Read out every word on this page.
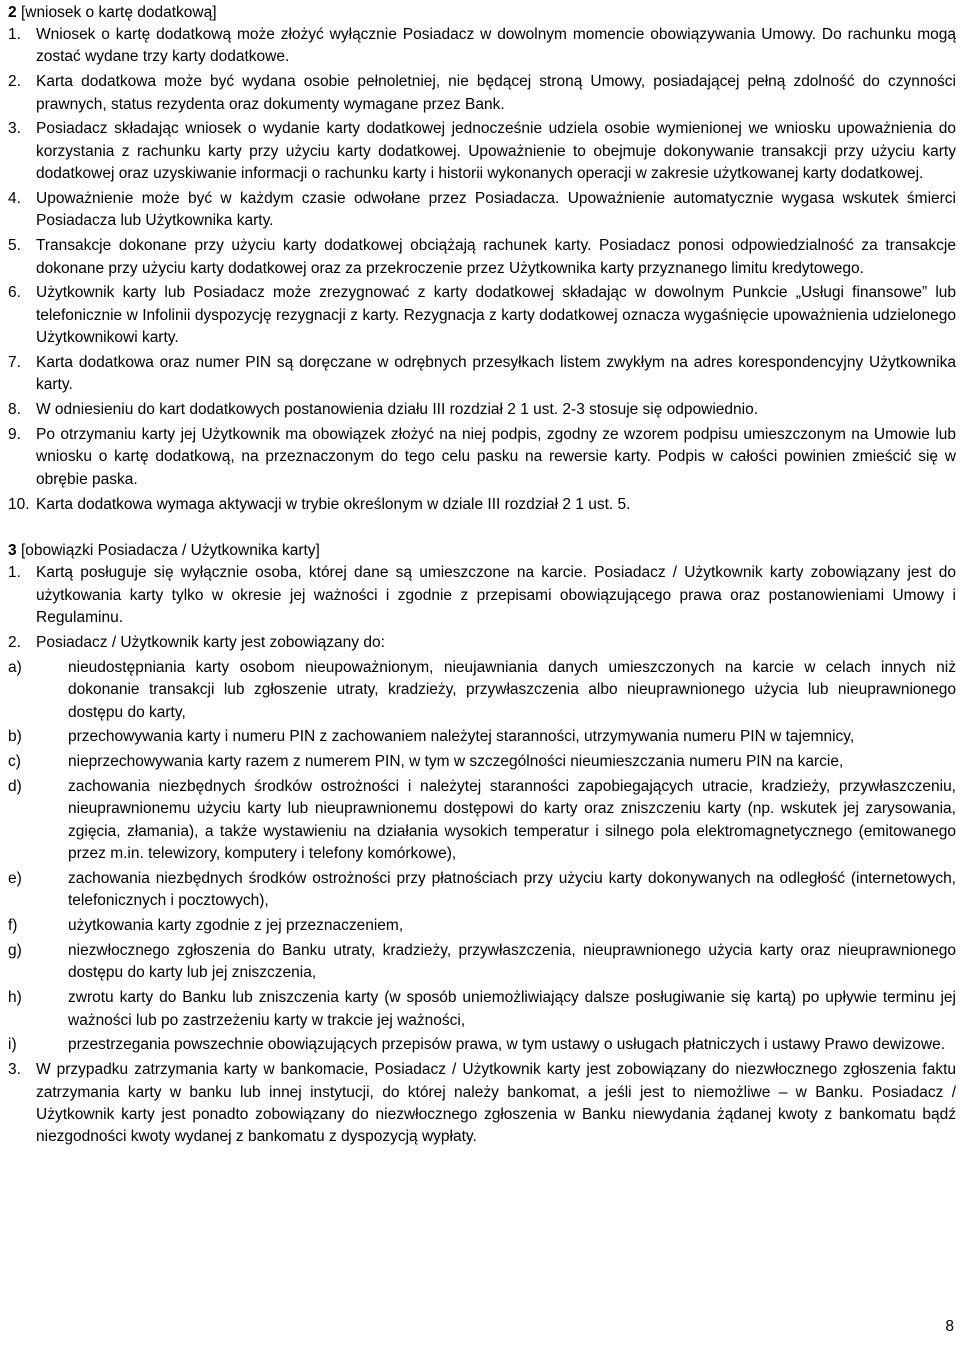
2 [wniosek o kartę dodatkową]
1. Wniosek o kartę dodatkową może złożyć wyłącznie Posiadacz w dowolnym momencie obowiązywania Umowy. Do rachunku mogą zostać wydane trzy karty dodatkowe.
2. Karta dodatkowa może być wydana osobie pełnoletniej, nie będącej stroną Umowy, posiadającej pełną zdolność do czynności prawnych, status rezydenta oraz dokumenty wymagane przez Bank.
3. Posiadacz składając wniosek o wydanie karty dodatkowej jednocześnie udziela osobie wymienionej we wniosku upoważnienia do korzystania z rachunku karty przy użyciu karty dodatkowej. Upoważnienie to obejmuje dokonywanie transakcji przy użyciu karty dodatkowej oraz uzyskiwanie informacji o rachunku karty i historii wykonanych operacji w zakresie użytkowanej karty dodatkowej.
4. Upoważnienie może być w każdym czasie odwołane przez Posiadacza. Upoważnienie automatycznie wygasa wskutek śmierci Posiadacza lub Użytkownika karty.
5. Transakcje dokonane przy użyciu karty dodatkowej obciążają rachunek karty. Posiadacz ponosi odpowiedzialność za transakcje dokonane przy użyciu karty dodatkowej oraz za przekroczenie przez Użytkownika karty przyznanego limitu kredytowego.
6. Użytkownik karty lub Posiadacz może zrezygnować z karty dodatkowej składając w dowolnym Punkcie „Usługi finansowe” lub telefonicznie w Infolinii dyspozycję rezygnacji z karty. Rezygnacja z karty dodatkowej oznacza wygaśnięcie upoważnienia udzielonego Użytkownikowi karty.
7. Karta dodatkowa oraz numer PIN są doręczane w odrębnych przesyłkach listem zwykłym na adres korespondencyjny Użytkownika karty.
8. W odniesieniu do kart dodatkowych postanowienia działu III rozdział 2 1 ust. 2-3 stosuje się odpowiednio.
9. Po otrzymaniu karty jej Użytkownik ma obowiązek złożyć na niej podpis, zgodny ze wzorem podpisu umieszczonym na Umowie lub wniosku o kartę dodatkową, na przeznaczonym do tego celu pasku na rewersie karty. Podpis w całości powinien zmieścić się w obrębie paska.
10. Karta dodatkowa wymaga aktywacji w trybie określonym w dziale III rozdział 2 1 ust. 5.
3 [obowiązki Posiadacza / Użytkownika karty]
1. Kartą posługuje się wyłącznie osoba, której dane są umieszczone na karcie. Posiadacz / Użytkownik karty zobowiązany jest do użytkowania karty tylko w okresie jej ważności i zgodnie z przepisami obowiązującego prawa oraz postanowieniami Umowy i Regulaminu.
2. Posiadacz / Użytkownik karty jest zobowiązany do:
a)	nieudostępniania karty osobom nieupoważnionym, nieujawniania danych umieszczonych na karcie w celach innych niż dokonanie transakcji lub zgłoszenie utraty, kradzieży, przywłaszczenia albo nieuprawnionego użycia lub nieuprawnionego dostępu do karty,
b)	przechowywania karty i numeru PIN z zachowaniem należytej staranności, utrzymywania numeru PIN w tajemnicy,
c)	nieprzechowywania karty razem z numerem PIN, w tym w szczególności nieumieszczania numeru PIN na karcie,
d)	zachowania niezbędnych środków ostrożności i należytej staranności zapobiegających utracie, kradzieży, przywłaszczeniu, nieuprawnionemu użyciu karty lub nieuprawnionemu dostępowi do karty oraz zniszczeniu karty (np. wskutek jej zarysowania, zgięcia, złamania), a także wystawieniu na działania wysokich temperatur i silnego pola elektromagnetycznego (emitowanego przez m.in. telewizory, komputery i telefony komórkowe),
e)	zachowania niezbędnych środków ostrożności przy płatnościach przy użyciu karty dokonywanych na odległość (internetowych, telefonicznych i pocztowych),
f)	użytkowania karty zgodnie z jej przeznaczeniem,
g)	niezwłocznego zgłoszenia do Banku utraty, kradzieży, przywłaszczenia, nieuprawnionego użycia karty oraz nieuprawnionego dostępu do karty lub jej zniszczenia,
h)	zwrotu karty do Banku lub zniszczenia karty (w sposób uniemożliwiający dalsze posługiwanie się kartą) po upływie terminu jej ważności lub po zastrzeżeniu karty w trakcie jej ważności,
i)	przestrzegania powszechnie obowiązujących przepisów prawa, w tym ustawy o usługach płatniczych i ustawy Prawo dewizowe.
3. W przypadku zatrzymania karty w bankomacie, Posiadacz / Użytkownik karty jest zobowiązany do niezwłocznego zgłoszenia faktu zatrzymania karty w banku lub innej instytucji, do której należy bankomat, a jeśli jest to niemożliwe – w Banku. Posiadacz / Użytkownik karty jest ponadto zobowiązany do niezwłocznego zgłoszenia w Banku niewydania żądanej kwoty z bankomatu bądź niezgodności kwoty wydanej z bankomatu z dyspozycją wypłaty.
8
